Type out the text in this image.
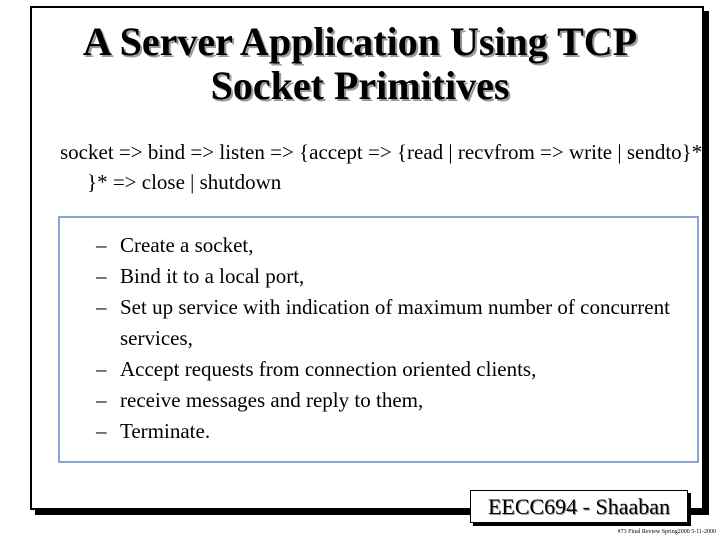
A Server Application Using TCP
Socket Primitives

socket => bind => listen => {accept => {read | recvfrom => write | sendto}* }* => close | shutdown

– Create a socket,
– Bind it to a local port,
– Set up service with indication of maximum number of concurrent services,
– Accept requests from connection oriented clients,
– receive messages and reply to them,
– Terminate.
EECC694 - Shaaban
#73 Final Review Spring2000 5-11-2000
